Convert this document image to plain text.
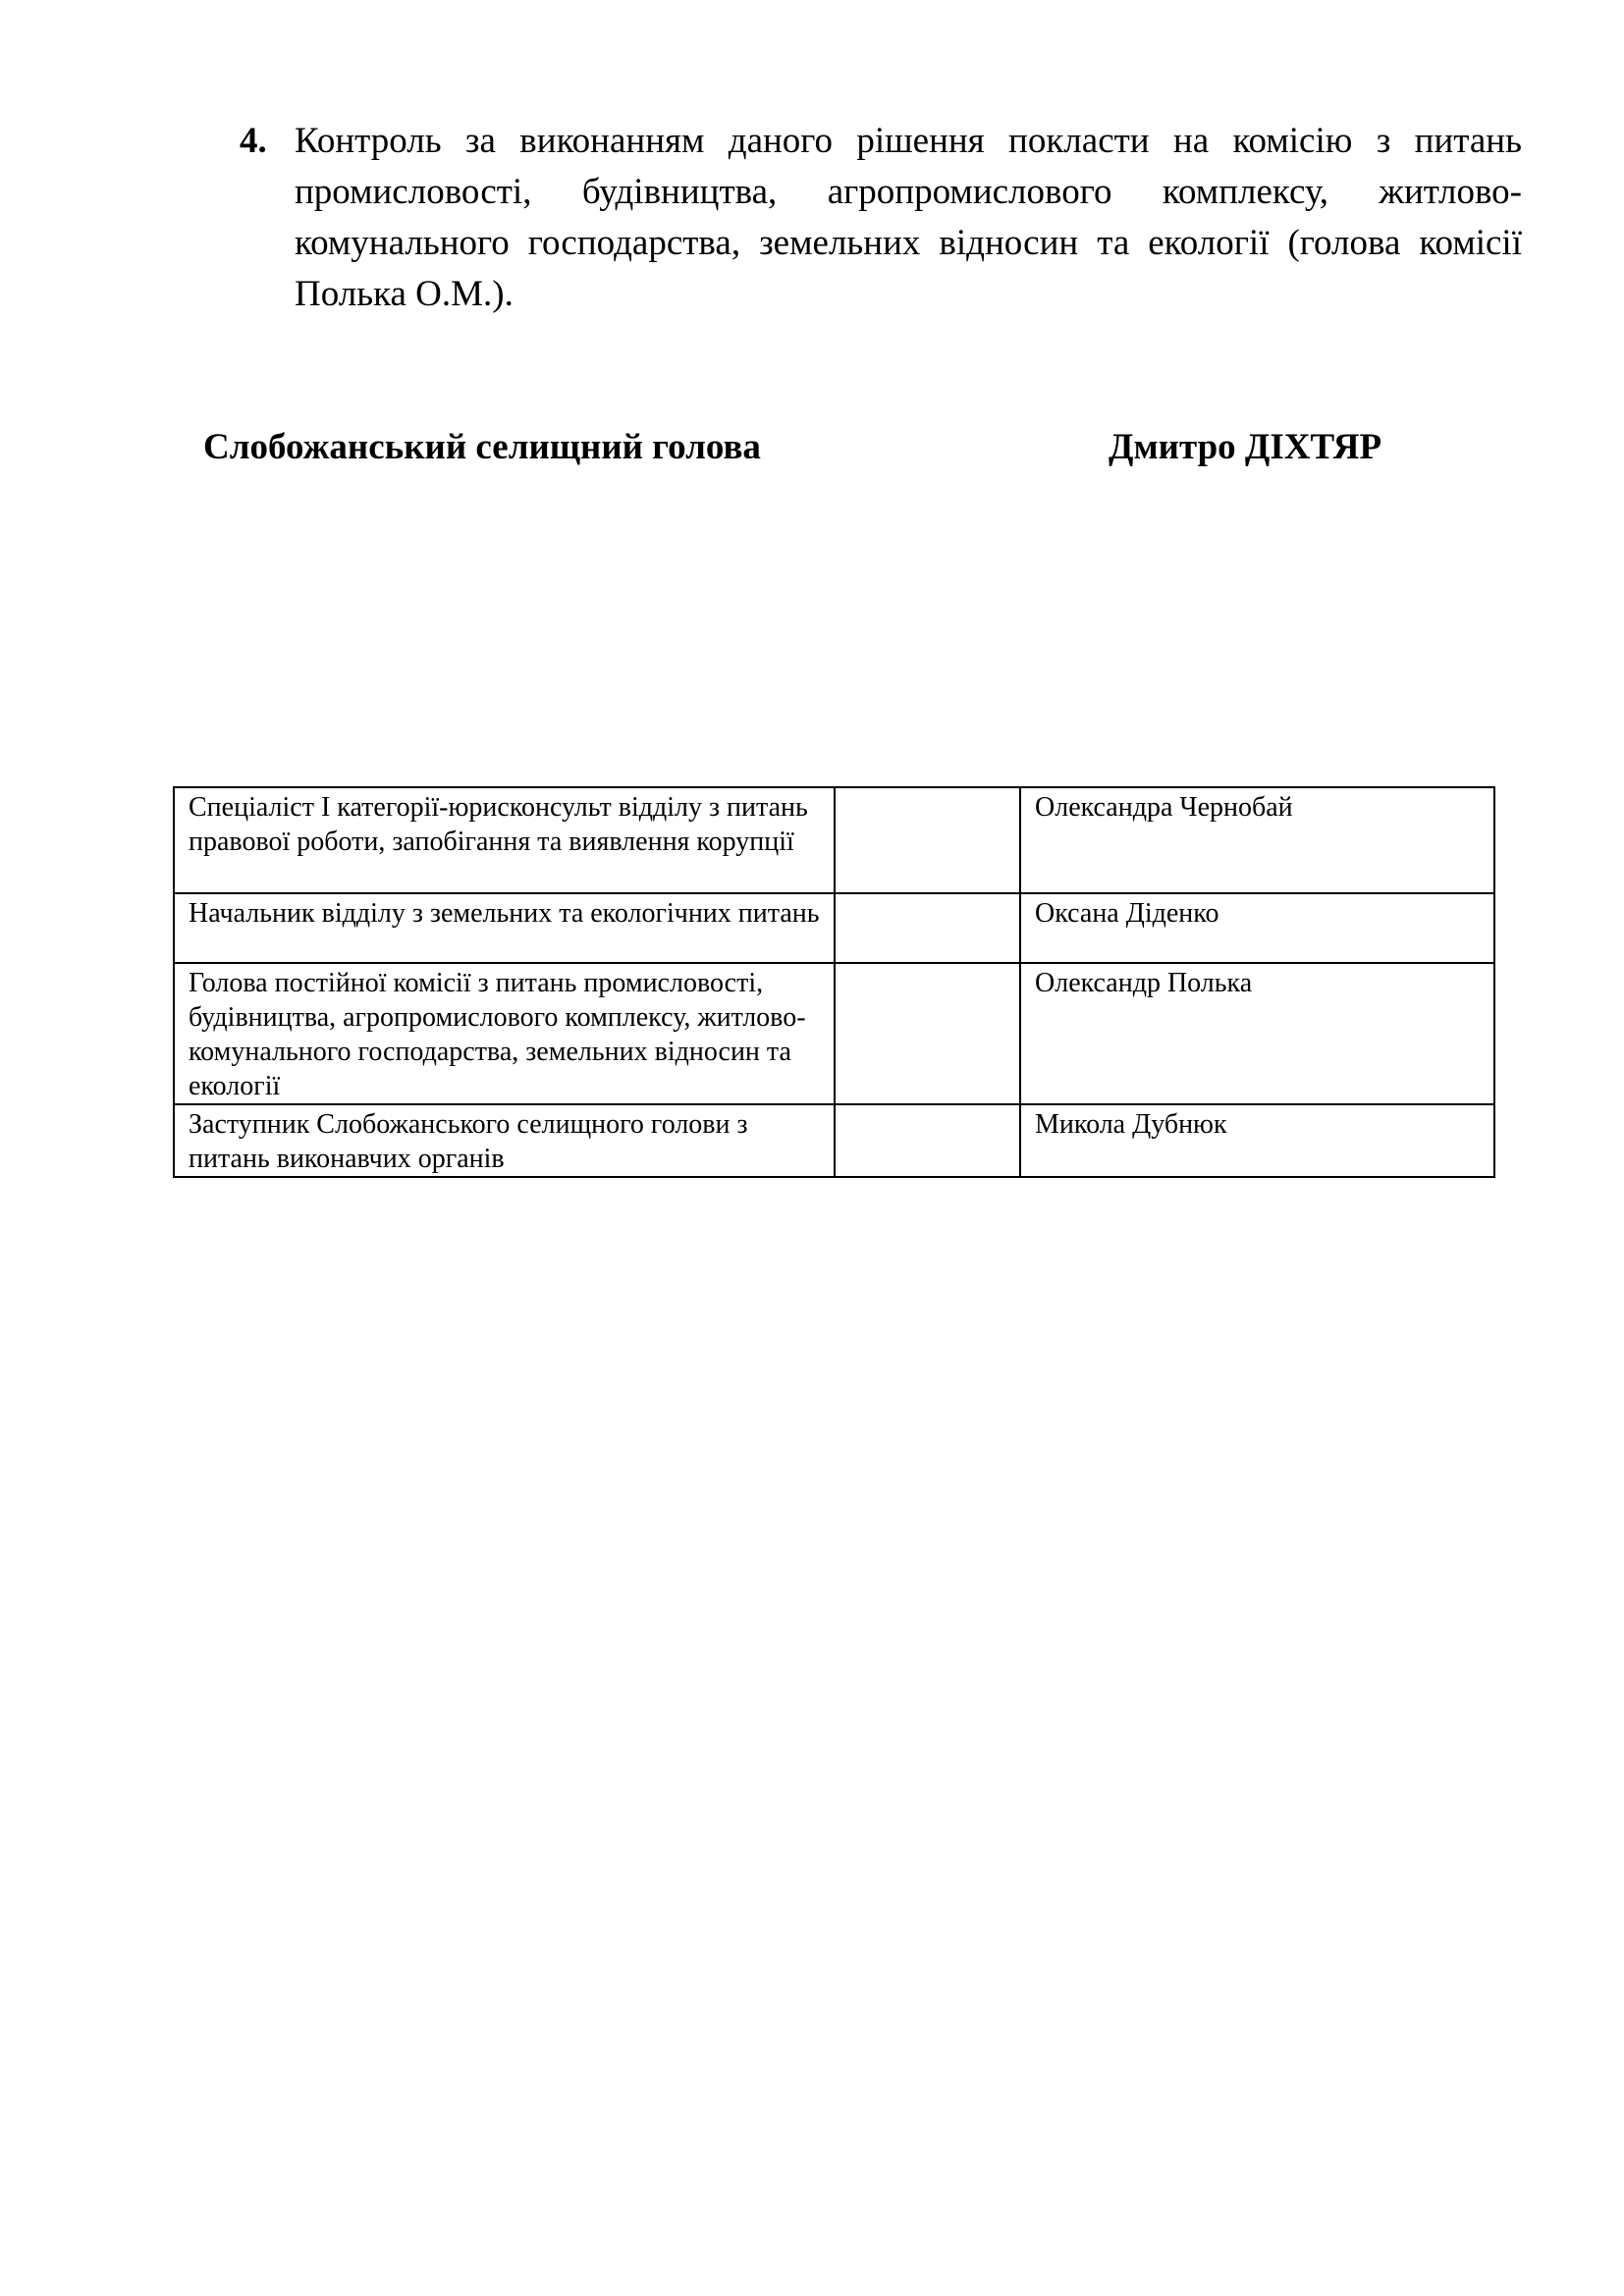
4. Контроль за виконанням даного рішення покласти на комісію з питань промисловості, будівництва, агропромислового комплексу, житлово-комунального господарства, земельних відносин та екології (голова комісії Полька О.М.).
Слобожанський селищний голова	Дмитро ДІХТЯР
Спеціаліст І категорії-юрисконсульт відділу з питань правової роботи, запобігання та виявлення корупції		Олександра Чернобай
Начальник відділу з земельних та екологічних питань		Оксана Діденко
Голова постійної комісії з питань промисловості, будівництва, агропромислового комплексу, житлово-комунального господарства, земельних відносин та екології		Олександр Полька
Заступник Слобожанського селищного голови з питань виконавчих органів		Микола Дубнюк
